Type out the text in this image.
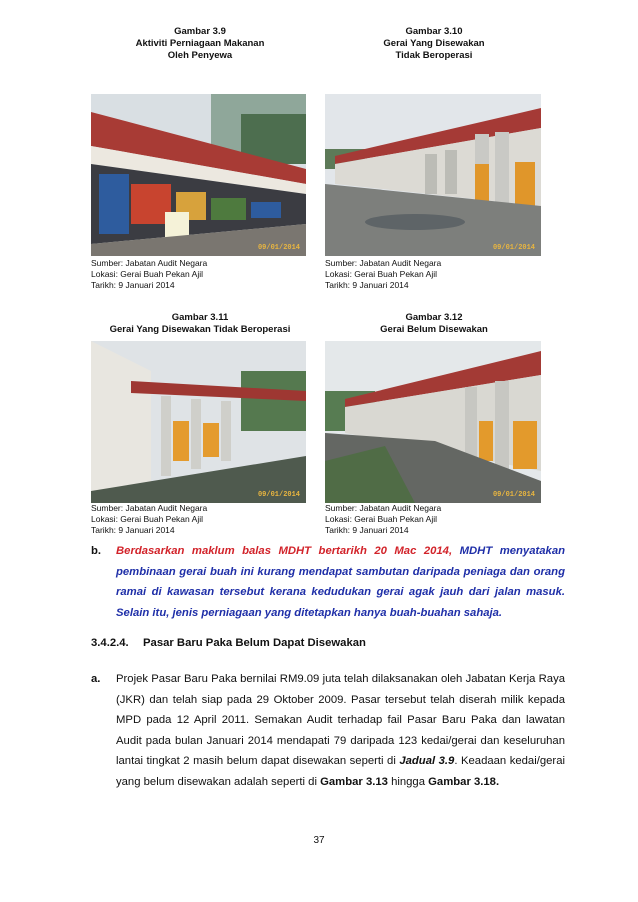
Gambar 3.9
Aktiviti Perniagaan Makanan
Oleh Penyewa
09/01/2014
Sumber: Jabatan Audit Negara
Lokasi: Gerai Buah Pekan Ajil
Tarikh: 9 Januari 2014
Gambar 3.10
Gerai Yang Disewakan
Tidak Beroperasi
09/01/2014
Sumber: Jabatan Audit Negara
Lokasi: Gerai Buah Pekan Ajil
Tarikh: 9 Januari 2014
Gambar 3.11
Gerai Yang Disewakan Tidak Beroperasi
09/01/2014
Sumber: Jabatan Audit Negara
Lokasi: Gerai Buah Pekan Ajil
Tarikh: 9 Januari 2014
Gambar 3.12
Gerai Belum Disewakan
09/01/2014
Sumber: Jabatan Audit Negara
Lokasi: Gerai Buah Pekan Ajil
Tarikh: 9 Januari 2014
b. Berdasarkan maklum balas MDHT bertarikh 20 Mac 2014, MDHT menyatakan pembinaan gerai buah ini kurang mendapat sambutan daripada peniaga dan orang ramai di kawasan tersebut kerana kedudukan gerai agak jauh dari jalan masuk. Selain itu, jenis perniagaan yang ditetapkan hanya buah-buahan sahaja.
3.4.2.4. Pasar Baru Paka Belum Dapat Disewakan
a. Projek Pasar Baru Paka bernilai RM9.09 juta telah dilaksanakan oleh Jabatan Kerja Raya (JKR) dan telah siap pada 29 Oktober 2009. Pasar tersebut telah diserah milik kepada MPD pada 12 April 2011. Semakan Audit terhadap fail Pasar Baru Paka dan lawatan Audit pada bulan Januari 2014 mendapati 79 daripada 123 kedai/gerai dan keseluruhan lantai tingkat 2 masih belum dapat disewakan seperti di Jadual 3.9. Keadaan kedai/gerai yang belum disewakan adalah seperti di Gambar 3.13 hingga Gambar 3.18.
37
